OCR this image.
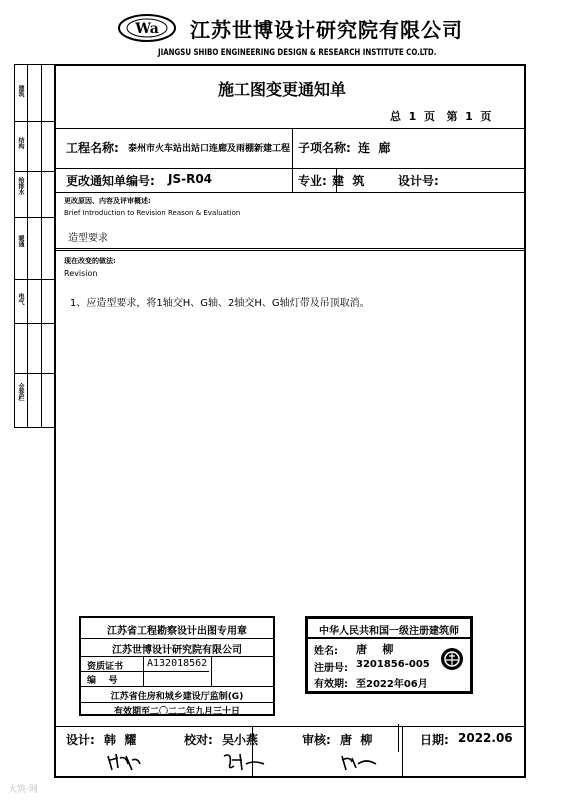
Wa 江苏世博设计研究院有限公司
JIANGSU SHIBO ENGINEERING DESIGN & RESEARCH INSTITUTE CO.LTD.
建筑
结构
给排水
暖通
电气
会签栏
施工图变更通知单
总  1  页   第  1  页
工程名称: 泰州市火车站出站口连廊及雨棚新建工程 子项名称: 连  廊
更改通知单编号: JS-R04	专业: 建  筑	设计号:
更改原因、内容及评审概述:
Brief Introduction to Revision Reason & Evaluation
造型要求
现在改变的做法:
Revision
1、应造型要求，将1轴交H、G轴、2轴交H、G轴灯带及吊顶取消。
江苏省工程勘察设计出图专用章
江苏世博设计研究院有限公司
资质证书 A132018562
编    号
江苏省住房和城乡建设厅监制(G)
有效期至二〇二二年九月三十日
中华人民共和国一级注册建筑师
姓名: 唐    柳
注册号: 3201856-005
有效期: 至2022年06月
设计: 韩  耀	校对: 吴小燕	审核: 唐  柳	日期: 2022.06
大筑·网
